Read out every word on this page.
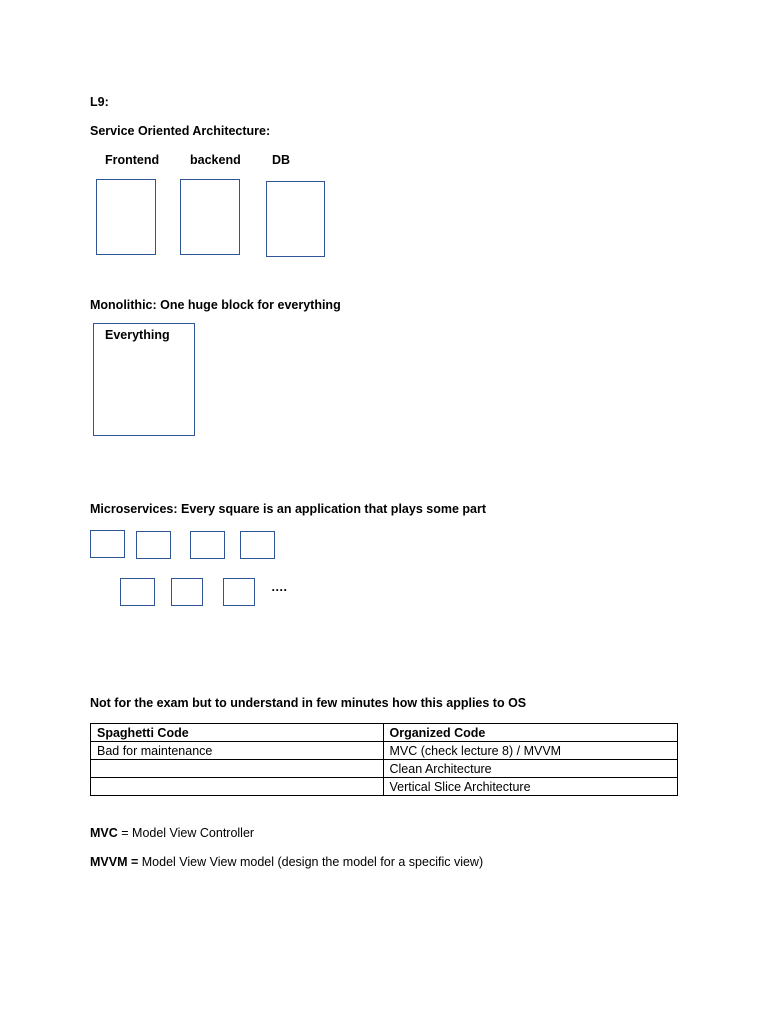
L9:
Service Oriented Architecture:
Frontend backend	DB
Monolithic: One huge block for everything
Everything
Microservices: Every square is an application that plays some part
….
Not for the exam but to understand in few minutes how this applies to OS
Spaghetti Code	Organized Code
Bad for maintenance	MVC (check lecture 8) / MVVM
	Clean Architecture
	Vertical Slice Architecture
MVC = Model View Controller
MVVM = Model View View model (design the model for a specific view)
